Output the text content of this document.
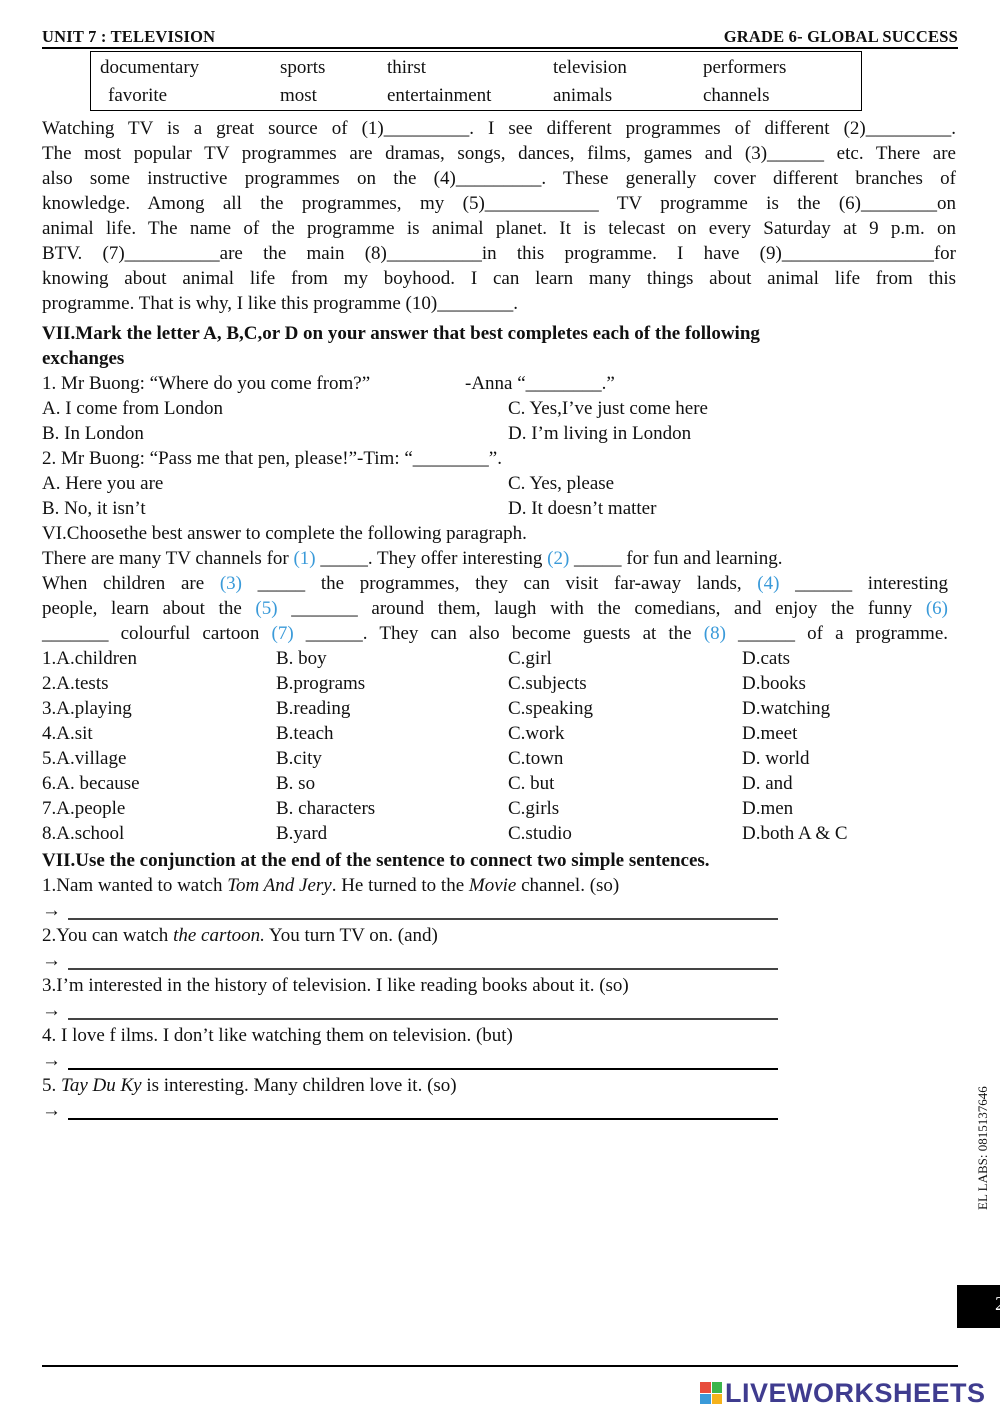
UNIT 7 : TELEVISION	GRADE 6- GLOBAL SUCCESS
documentary	sports	thirst	television	performers
favorite	most	entertainment	animals	channels
Watching TV is a great source of (1)_________. I see different programmes of different (2)_________.
The most popular TV programmes are dramas, songs, dances, films, games and (3)______ etc. There are
also some instructive programmes on the (4)_________. These generally cover different branches of
knowledge. Among all the programmes, my (5)____________ TV programme is the (6)________on
animal life. The name of the programme is animal planet. It is telecast on every Saturday at 9 p.m. on
BTV. (7)__________are the main (8)__________in this programme. I have (9)________________for
knowing about animal life from my boyhood. I can learn many things about animal life from this
programme. That is why, I like this programme (10)________.
VII.Mark the letter A, B,C,or D on your answer that best completes each of the following
exchanges
1. Mr Buong: “Where do you come from?”	-Anna “________.”
A. I come from London	C. Yes,I’ve just come here
B. In London	D. I’m living in London
2. Mr Buong: “Pass me that pen, please!”-Tim: “________”.
A. Here you are	C. Yes, please
B. No, it isn’t	D. It doesn’t matter
VI.Choosethe best answer to complete the following paragraph.
There are many TV channels for (1) _____. They offer interesting (2) _____ for fun and learning.
When children are (3) _____ the programmes, they can visit far-away lands, (4) ______ interesting
people, learn about the (5) _______ around them, laugh with the comedians, and enjoy the funny (6)
_______ colourful cartoon (7) ______. They can also become guests at the (8) ______ of a programme.
1.A.children	B. boy	C.girl	D.cats
2.A.tests	B.programs	C.subjects	D.books
3.A.playing	B.reading	C.speaking	D.watching
4.A.sit	B.teach	C.work	D.meet
5.A.village	B.city	C.town	D. world
6.A. because	B. so	C. but	D. and
7.A.people	B. characters	C.girls	D.men
8.A.school	B.yard	C.studio	D.both A & C
VII.Use the conjunction at the end of the sentence to connect two simple sentences.
1.Nam wanted to watch Tom And Jery. He turned to the Movie channel. (so)
→
2.You can watch the cartoon. You turn TV on. (and)
→
3.I’m interested in the history of television. I like reading books about it. (so)
→
4. I love f ilms. I don’t like watching them on television. (but)
→
5. Tay Du Ky is interesting. Many children love it. (so)
→	EL LABS: 0815137646
2
LIVEWORKSHEETS
